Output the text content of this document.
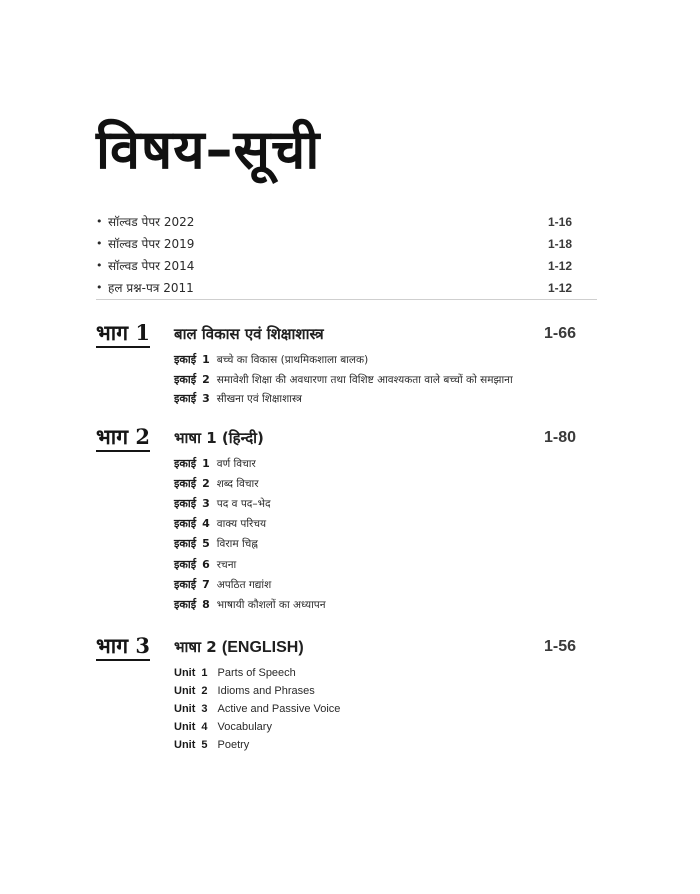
विषय–सूची
• सॉल्वड पेपर 2022	1-16
• सॉल्वड पेपर 2019	1-18
• सॉल्वड पेपर 2014	1-12
• हल प्रश्न-पत्र 2011	1-12
भाग 1 बाल विकास एवं शिक्षाशास्त्र	1-66
इकाई 1 बच्चे का विकास (प्राथमिकशाला बालक)
इकाई 2 समावेशी शिक्षा की अवधारणा तथा विशिष्ट आवश्यकता वाले बच्चों को समझाना
इकाई 3 सीखना एवं शिक्षाशास्त्र
भाग 2 भाषा 1 (हिन्दी)	1-80
इकाई 1 वर्ण विचार
इकाई 2 शब्द विचार
इकाई 3 पद व पद–भेद
इकाई 4 वाक्य परिचय
इकाई 5 विराम चिह्न
इकाई 6 रचना
इकाई 7 अपठित गद्यांश
इकाई 8 भाषायी कौशलों का अध्यापन
भाग 3 भाषा 2 (ENGLISH)	1-56
Unit 1 Parts of Speech
Unit 2 Idioms and Phrases
Unit 3 Active and Passive Voice
Unit 4 Vocabulary
Unit 5 Poetry
